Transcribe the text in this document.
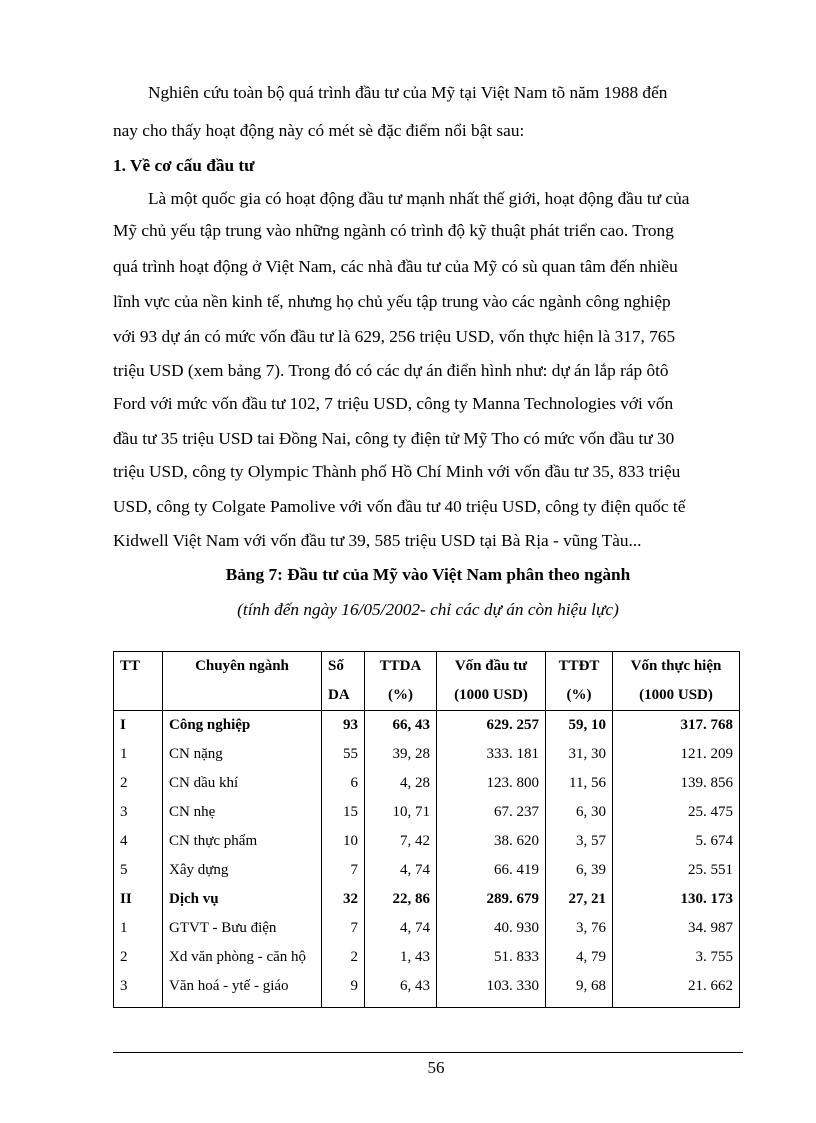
Nghiên cứu toàn bộ quá trình đầu tư của Mỹ tại Việt Nam tõ năm 1988 đến
nay cho thấy hoạt động này có mét sè đặc điểm nổi bật sau:
1. Về cơ cấu đầu tư
Là một quốc gia có hoạt động đầu tư mạnh nhất thế giới, hoạt động đầu tư của
Mỹ chủ yếu tập trung vào những ngành có trình độ kỹ thuật phát triển cao. Trong
quá trình hoạt động ở Việt Nam, các nhà đầu tư của Mỹ có sù quan tâm đến nhiều
lĩnh vực của nền kinh tế, nhưng họ chủ yếu tập trung vào các ngành công nghiệp
với 93 dự án có mức vốn đầu tư là 629, 256 triệu USD, vốn thực hiện là 317, 765
triệu USD (xem bảng 7). Trong đó có các dự án điển hình như: dự án lắp ráp ôtô
Ford với mức vốn đầu tư 102, 7 triệu USD, công ty Manna Technologies với vốn
đầu tư 35 triệu USD tai Đồng Nai, công ty điện tử Mỹ Tho có mức vốn đầu tư 30
triệu USD, công ty Olympic Thành phố Hồ Chí Minh với vốn đầu tư 35, 833 triệu
USD, công ty Colgate Pamolive với vốn đầu tư 40 triệu USD, công ty điện quốc tế
Kidwell Việt Nam với vốn đầu tư 39, 585 triệu USD tại Bà Rịa - vũng Tàu...
Bảng 7: Đầu tư của Mỹ vào Việt Nam phân theo ngành
(tính đến ngày 16/05/2002- chỉ các dự án còn hiệu lực)
TT	Chuyên ngành	Số	TTDA	Vốn đầu tư	TTĐT	Vốn thực hiện
		DA	(%)	(1000 USD)	(%)	(1000 USD)
I	Công nghiệp	93	66, 43	629. 257	59, 10	317. 768
1	CN nặng	55	39, 28	333. 181	31, 30	121. 209
2	CN dầu khí	6	4, 28	123. 800	11, 56	139. 856
3	CN nhẹ	15	10, 71	67. 237	6, 30	25. 475
4	CN thực phẩm	10	7, 42	38. 620	3, 57	5. 674
5	Xây dựng	7	4, 74	66. 419	6, 39	25. 551
II	Dịch vụ	32	22, 86	289. 679	27, 21	130. 173
1	GTVT - Bưu điện	7	4, 74	40. 930	3, 76	34. 987
2	Xd văn phòng - căn hộ	2	1, 43	51. 833	4, 79	3. 755
3	Văn hoá - ytế - giáo	9	6, 43	103. 330	9, 68	21. 662
56
